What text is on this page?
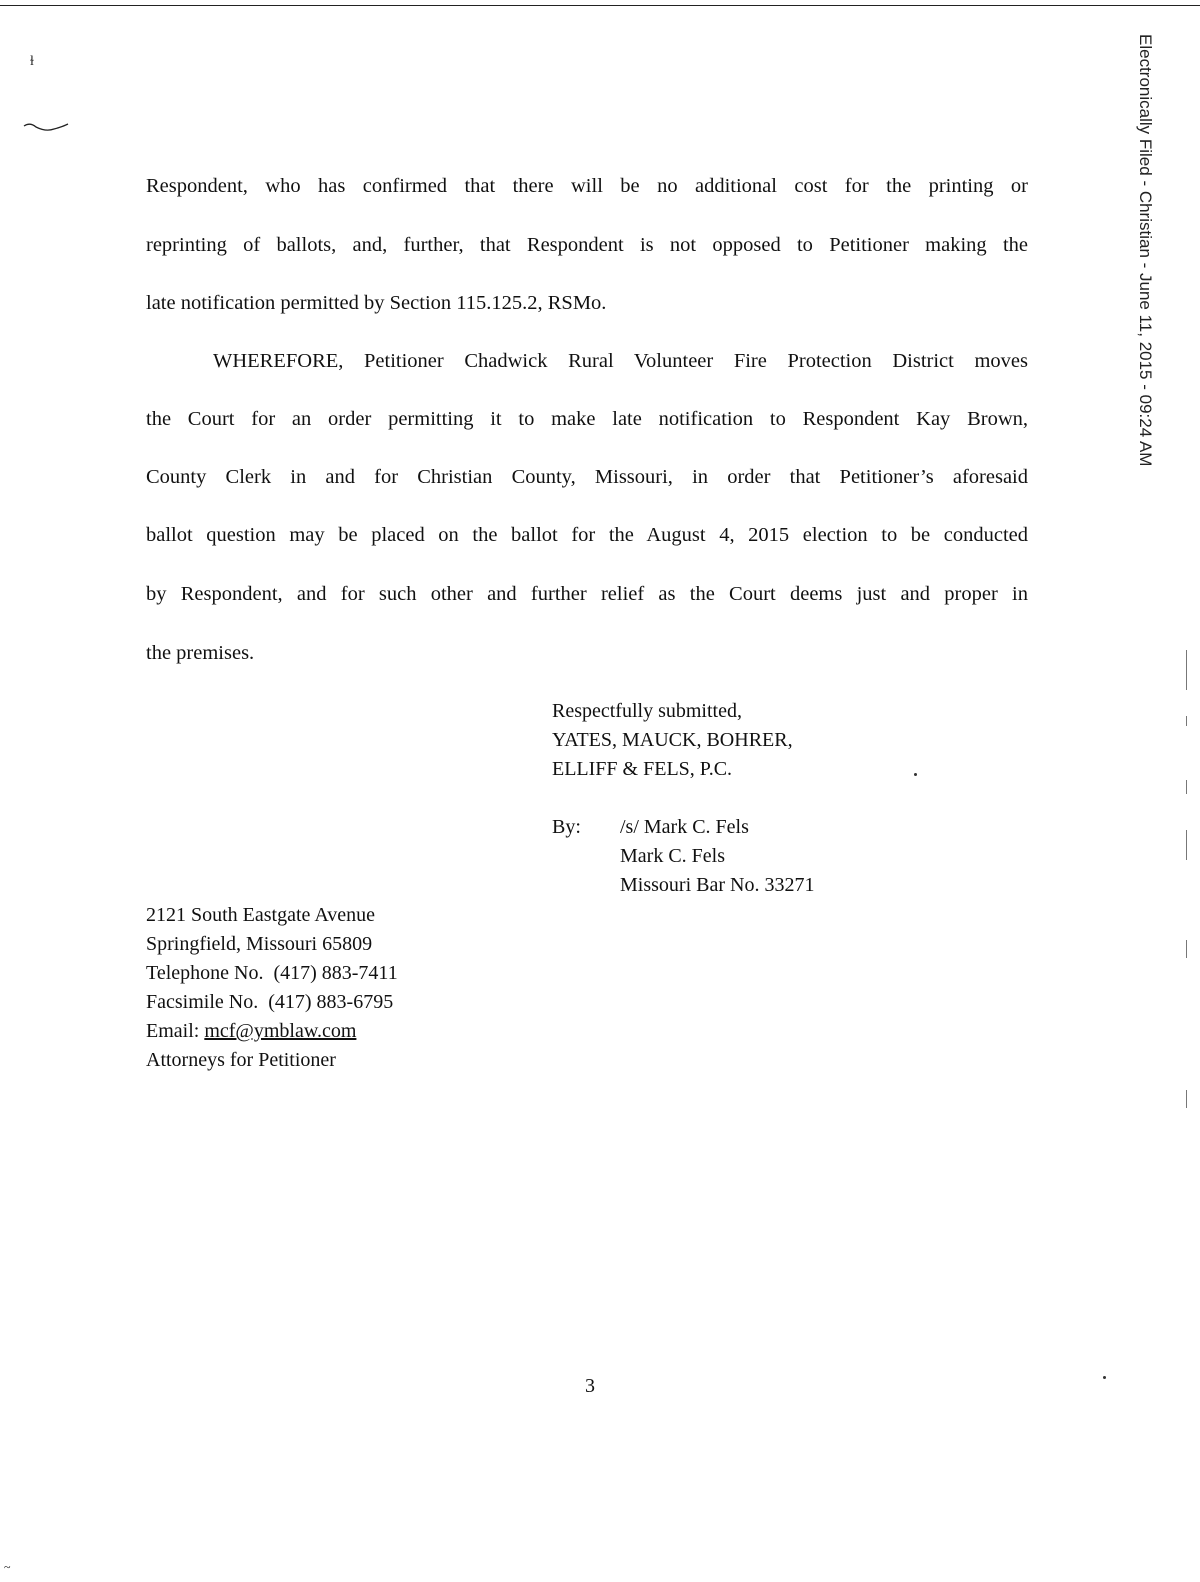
ɫ
Respondent, who has confirmed that there will be no additional cost for the printing or
reprinting of ballots, and, further, that Respondent is not opposed to Petitioner making the
late notification permitted by Section 115.125.2, RSMo.
WHEREFORE, Petitioner Chadwick Rural Volunteer Fire Protection District moves
the Court for an order permitting it to make late notification to Respondent Kay Brown,
County Clerk in and for Christian County, Missouri, in order that Petitioner’s aforesaid
ballot question may be placed on the ballot for the August 4, 2015 election to be conducted
by Respondent, and for such other and further relief as the Court deems just and proper in
the premises.
Respectfully submitted,
YATES, MAUCK, BOHRER,
ELLIFF & FELS, P.C.
By: /s/ Mark C. Fels
Mark C. Fels
Missouri Bar No. 33271
2121 South Eastgate Avenue
Springfield, Missouri 65809
Telephone No.  (417) 883-7411
Facsimile No.  (417) 883-6795
Email: mcf@ymblaw.com
Attorneys for Petitioner
3
Electronically Filed - Christian - June 11, 2015 - 09:24 AM
~
